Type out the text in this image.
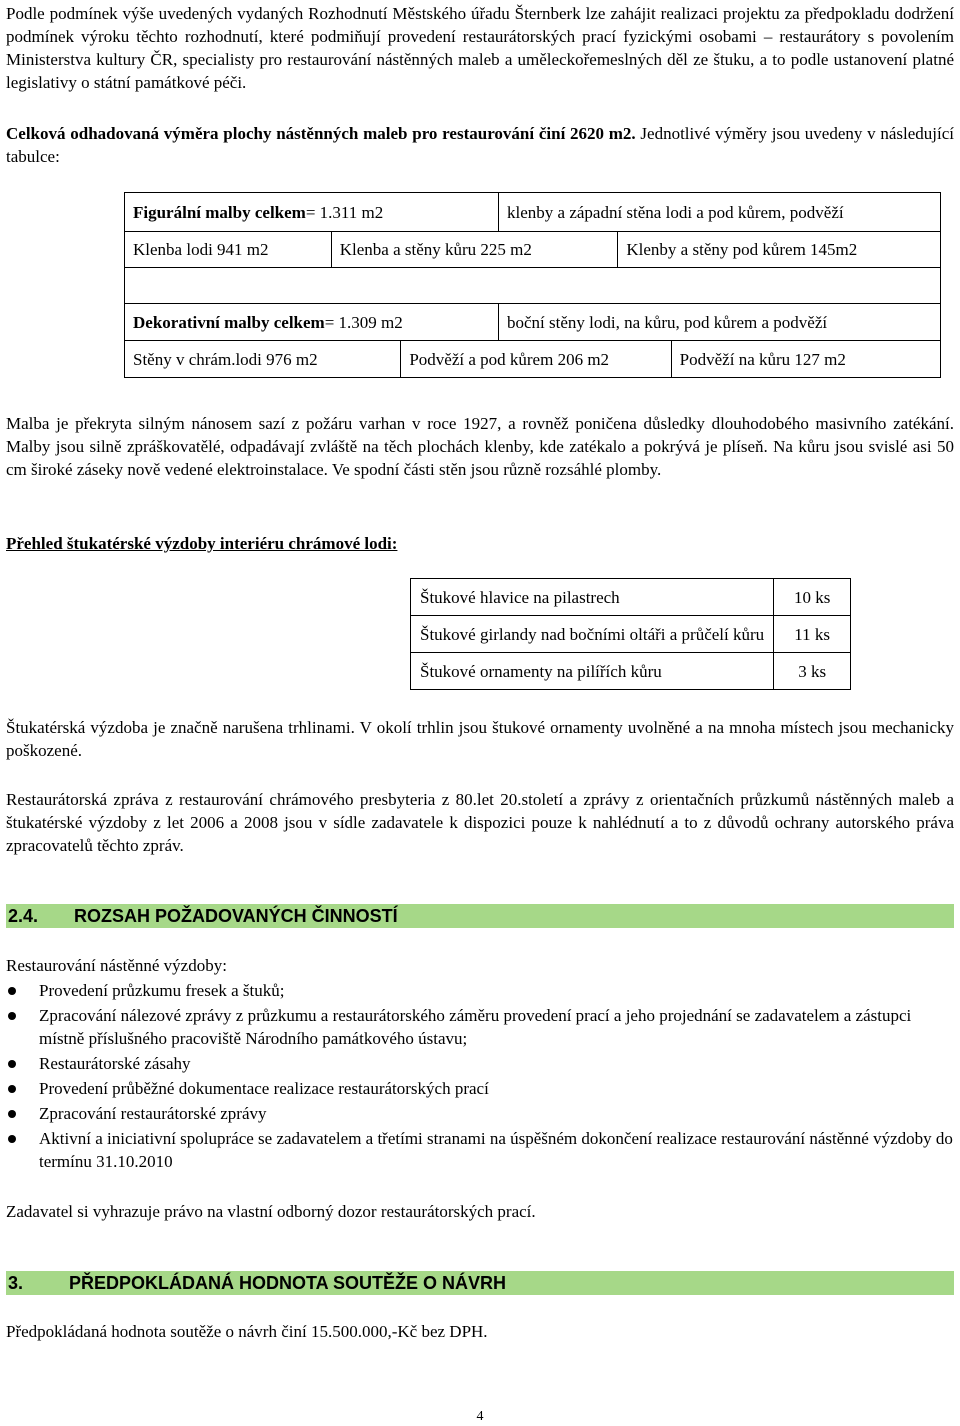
Podle podmínek výše uvedených vydaných Rozhodnutí Městského úřadu Šternberk lze zahájit realizaci projektu za předpokladu dodržení podmínek výroku těchto rozhodnutí, které podmiňují provedení restaurátorských prací fyzickými osobami – restaurátory s povolením Ministerstva kultury ČR, specialisty pro restaurování nástěnných maleb a uměleckořemeslných děl ze štuku, a to podle ustanovení platné legislativy o státní památkové péči.

Celková odhadovaná výměra plochy nástěnných maleb pro restaurování činí 2620 m2. Jednotlivé výměry jsou uvedeny v následující tabulce:

Figurální malby celkem = 1.311 m2	klenby a západní stěna lodi a pod kůrem, podvěží
Klenba lodi 941 m2	Klenba a stěny kůru 225 m2	Klenby a stěny pod kůrem 145m2
Dekorativní malby celkem = 1.309 m2	boční stěny lodi, na kůru, pod kůrem a podvěží
Stěny v chrám.lodi 976 m2	Podvěží a pod kůrem 206 m2	Podvěží na kůru 127 m2

Malba je překryta silným nánosem sazí z požáru varhan v roce 1927, a rovněž poničena důsledky dlouhodobého masivního zatékání. Malby jsou silně zpráškovatělé, odpadávají zvláště na těch plochách klenby, kde zatékalo a pokrývá je plíseň. Na kůru jsou svislé asi 50 cm široké záseky nově vedené elektroinstalace. Ve spodní části stěn jsou různě rozsáhlé plomby.

Přehled štukatérské výzdoby interiéru chrámové lodi:
Štukové hlavice na pilastrech	10 ks
Štukové girlandy nad bočními oltáři a průčelí kůru	11 ks
Štukové ornamenty na pilířích kůru	3 ks

Štukatérská výzdoba je značně narušena trhlinami. V okolí trhlin jsou štukové ornamenty uvolněné a na mnoha místech jsou mechanicky poškozené.

Restaurátorská zpráva z restaurování chrámového presbyteria z 80.let 20.století a zprávy z orientačních průzkumů nástěnných maleb a štukatérské výzdoby z let 2006 a 2008 jsou v sídle zadavatele k dispozici pouze k nahlédnutí a to z důvodů ochrany autorského práva zpracovatelů těchto zpráv.

2.4. ROZSAH POŽADOVANÝCH ČINNOSTÍ

Restaurování nástěnné výzdoby:

Provedení průzkumu fresek a štuků;
Zpracování nálezové zprávy z průzkumu a restaurátorského záměru provedení prací a jeho projednání se zadavatelem a zástupci místně příslušného pracoviště Národního památkového ústavu;
Restaurátorské zásahy
Provedení průběžné dokumentace realizace restaurátorských prací
Zpracování restaurátorské zprávy
Aktivní a iniciativní spolupráce se zadavatelem a třetími stranami na úspěšném dokončení realizace restaurování nástěnné výzdoby do termínu 31.10.2010

Zadavatel si vyhrazuje právo na vlastní odborný dozor restaurátorských prací.

3.	PŘEDPOKLÁDANÁ HODNOTA SOUTĚŽE O NÁVRH

Předpokládaná hodnota soutěže o návrh činí 15.500.000,-Kč bez DPH.

4
